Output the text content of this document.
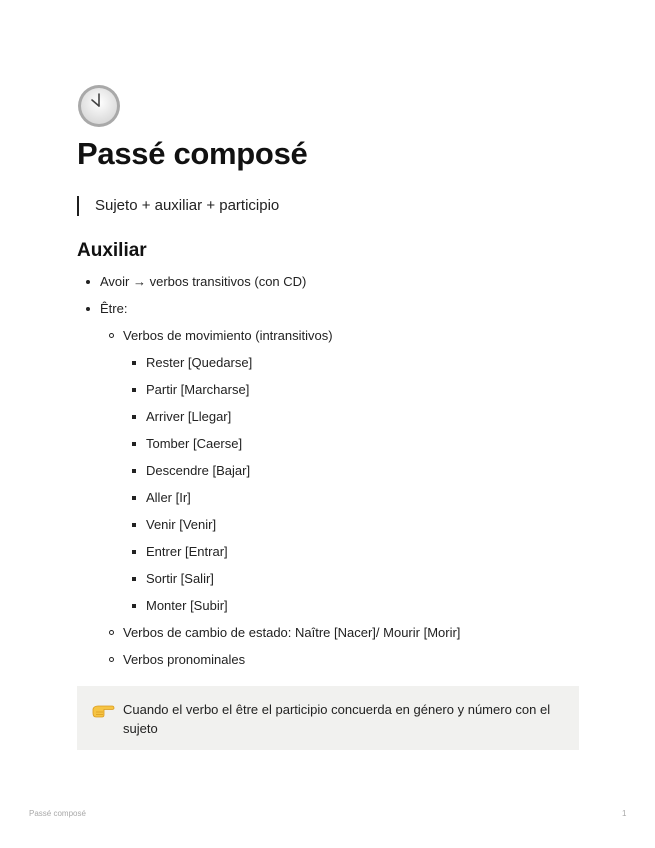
Passé composé
Sujeto + auxiliar + participio
Auxiliar
Avoir → verbos transitivos (con CD)
Être:
Verbos de movimiento (intransitivos)
Rester [Quedarse]
Partir [Marcharse]
Arriver [Llegar]
Tomber [Caerse]
Descendre [Bajar]
Aller [Ir]
Venir [Venir]
Entrer [Entrar]
Sortir [Salir]
Monter [Subir]
Verbos de cambio de estado: Naître [Nacer]/ Mourir [Morir]
Verbos pronominales
Cuando el verbo el être el participio concuerda en género y número con el sujeto
Passé composé	1
